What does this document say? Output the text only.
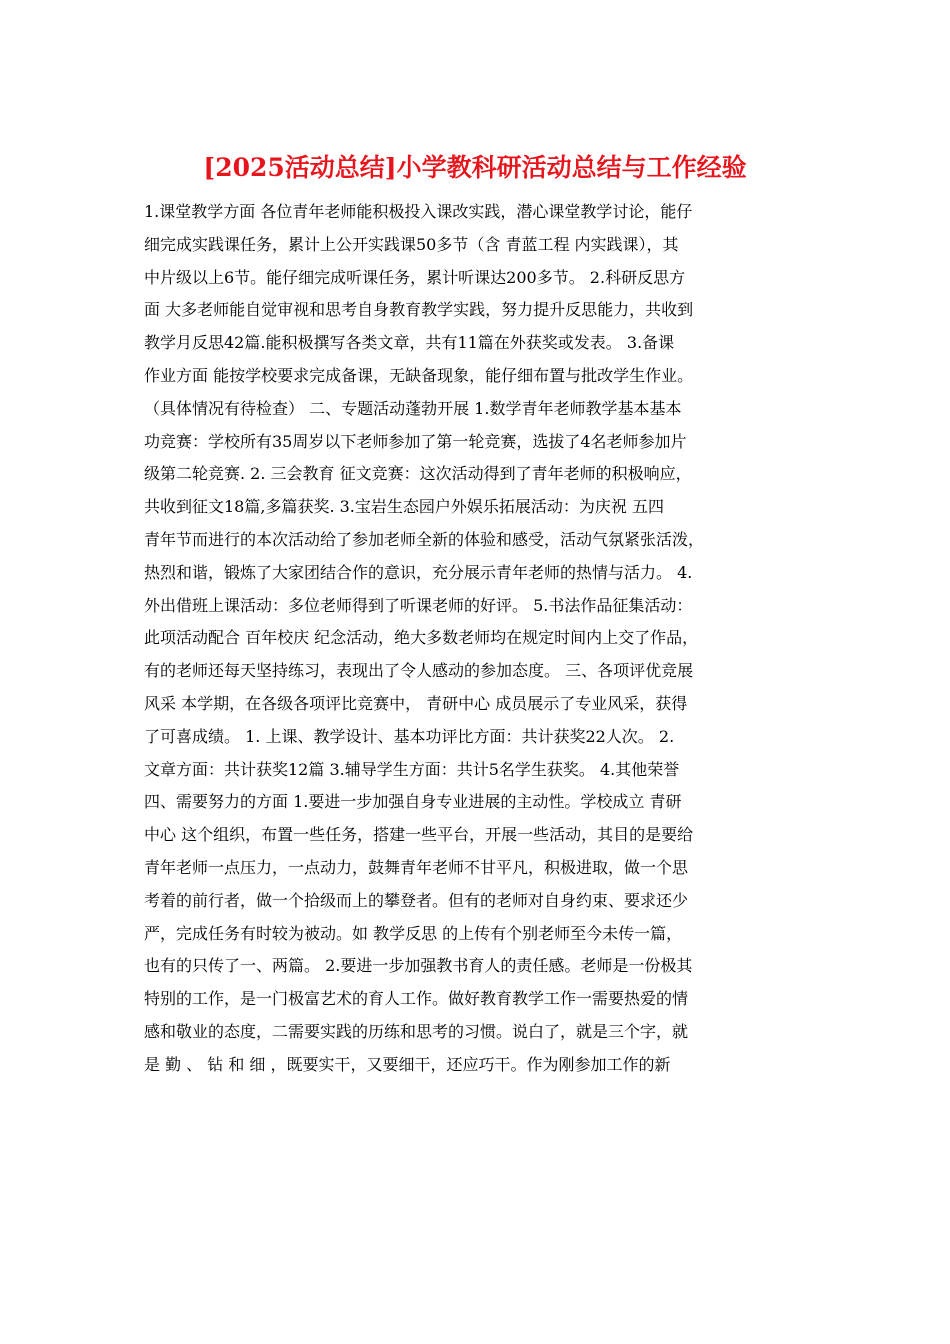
[2025活动总结]小学教科研活动总结与工作经验
1.课堂教学方面 各位青年老师能积极投入课改实践，潜心课堂教学讨论，能仔
细完成实践课任务，累计上公开实践课50多节（含 青蓝工程 内实践课），其
中片级以上6节。能仔细完成听课任务，累计听课达200多节。 2.科研反思方
面 大多老师能自觉审视和思考自身教育教学实践，努力提升反思能力，共收到
教学月反思42篇.能积极撰写各类文章，共有11篇在外获奖或发表。 3.备课
作业方面 能按学校要求完成备课，无缺备现象，能仔细布置与批改学生作业。
（具体情况有待检查） 二、专题活动蓬勃开展 1.数学青年老师教学基本基本
功竞赛：学校所有35周岁以下老师参加了第一轮竞赛，选拔了4名老师参加片
级第二轮竞赛. 2. 三会教育 征文竞赛：这次活动得到了青年老师的积极响应，
共收到征文18篇,多篇获奖. 3.宝岩生态园户外娱乐拓展活动：为庆祝 五四
青年节而进行的本次活动给了参加老师全新的体验和感受，活动气氛紧张活泼，
热烈和谐，锻炼了大家团结合作的意识，充分展示青年老师的热情与活力。 4.
外出借班上课活动：多位老师得到了听课老师的好评。 5.书法作品征集活动：
此项活动配合 百年校庆 纪念活动，绝大多数老师均在规定时间内上交了作品，
有的老师还每天坚持练习，表现出了令人感动的参加态度。 三、各项评优竞展
风采 本学期，在各级各项评比竞赛中， 青研中心 成员展示了专业风采，获得
了可喜成绩。 1. 上课、教学设计、基本功评比方面：共计获奖22人次。 2.
文章方面：共计获奖12篇 3.辅导学生方面：共计5名学生获奖。 4.其他荣誉
四、需要努力的方面 1.要进一步加强自身专业进展的主动性。学校成立 青研
中心 这个组织，布置一些任务，搭建一些平台，开展一些活动，其目的是要给
青年老师一点压力，一点动力，鼓舞青年老师不甘平凡，积极进取，做一个思
考着的前行者，做一个拾级而上的攀登者。但有的老师对自身约束、要求还少
严，完成任务有时较为被动。如 教学反思 的上传有个别老师至今未传一篇，
也有的只传了一、两篇。 2.要进一步加强教书育人的责任感。老师是一份极其
特别的工作，是一门极富艺术的育人工作。做好教育教学工作一需要热爱的情
感和敬业的态度，二需要实践的历练和思考的习惯。说白了，就是三个字，就
是 勤 、 钻 和 细 ，既要实干，又要细干，还应巧干。作为刚参加工作的新
